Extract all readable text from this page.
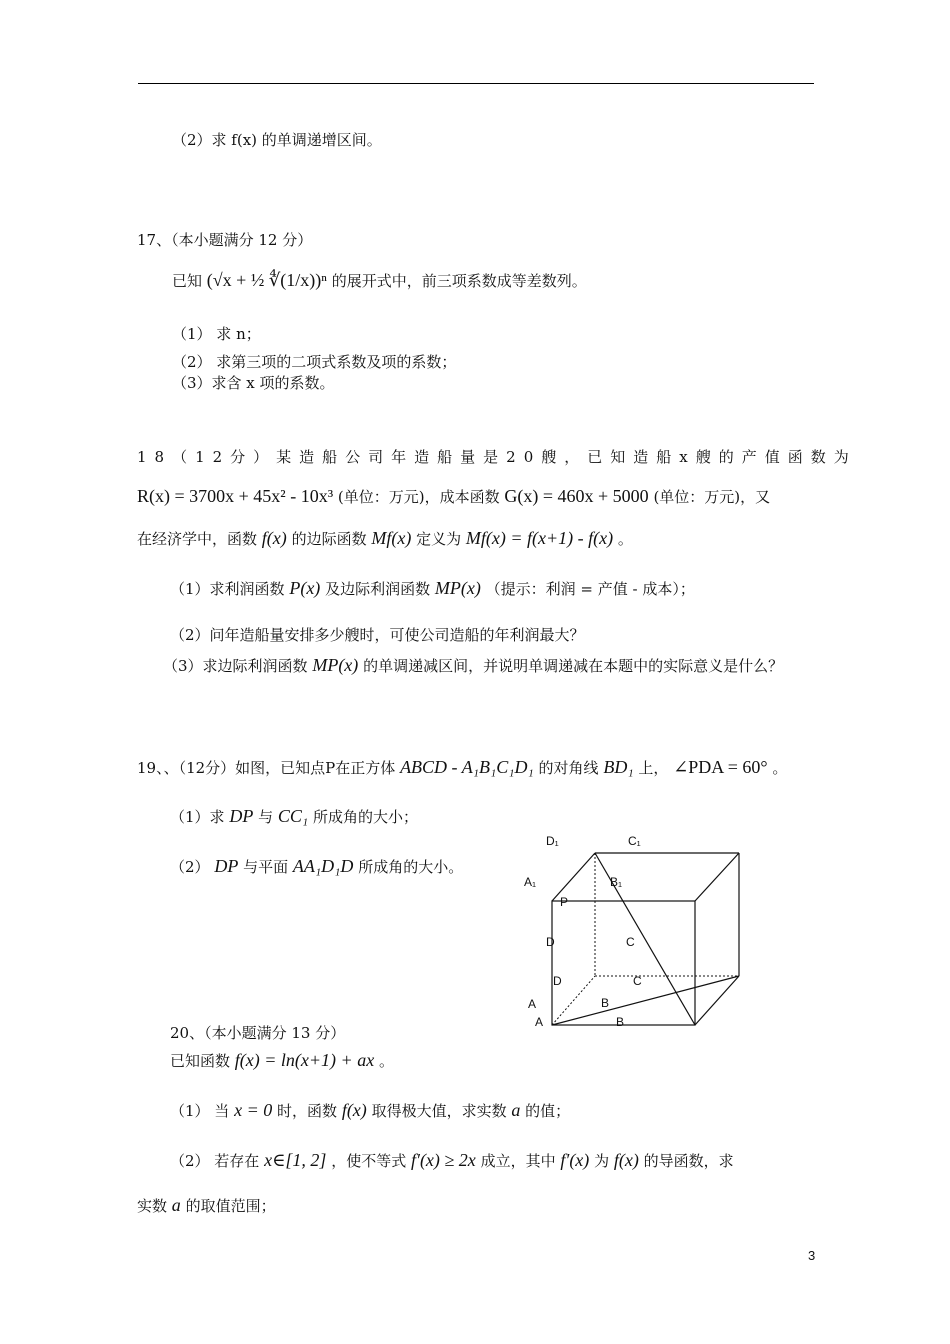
（2）求 f(x) 的单调递增区间。
17、（本小题满分 12 分）
已知 (√x + ½ ∜(1/x))ⁿ 的展开式中，前三项系数成等差数列。
（1） 求 n；
（2） 求第三项的二项式系数及项的系数；
（3）求含 x 项的系数。
18（12分）某造船公司年造船量是20艘，已知造船x艘的产值函数为
R(x) = 3700x + 45x² - 10x³ (单位：万元)，成本函数 G(x) = 460x + 5000 (单位：万元)，又
在经济学中，函数 f(x) 的边际函数 Mf(x) 定义为 Mf(x) = f(x+1) - f(x) 。
（1）求利润函数 P(x) 及边际利润函数 MP(x) （提示：利润 = 产值 - 成本）；
（2）问年造船量安排多少艘时，可使公司造船的年利润最大？
（3）求边际利润函数 MP(x) 的单调递减区间，并说明单调递减在本题中的实际意义是什么？
19、、（12分）如图，已知点P在正方体 ABCD - A₁B₁C₁D₁ 的对角线 BD₁ 上， ∠PDA = 60° 。
（1）求 DP 与 CC₁ 所成角的大小；
（2） DP 与平面 AA₁D₁D 所成角的大小。
D₁	C₁
A₁	B₁
P
D	C
D	C
A	B
A	B
20、（本小题满分 13 分）
已知函数 f(x) = ln(x+1) + ax 。
（1） 当 x = 0 时，函数 f(x) 取得极大值，求实数 a 的值；
（2） 若存在 x∈[1, 2] ，使不等式 f′(x) ≥ 2x 成立，其中 f′(x) 为 f(x) 的导函数，求
实数 a 的取值范围；
3
